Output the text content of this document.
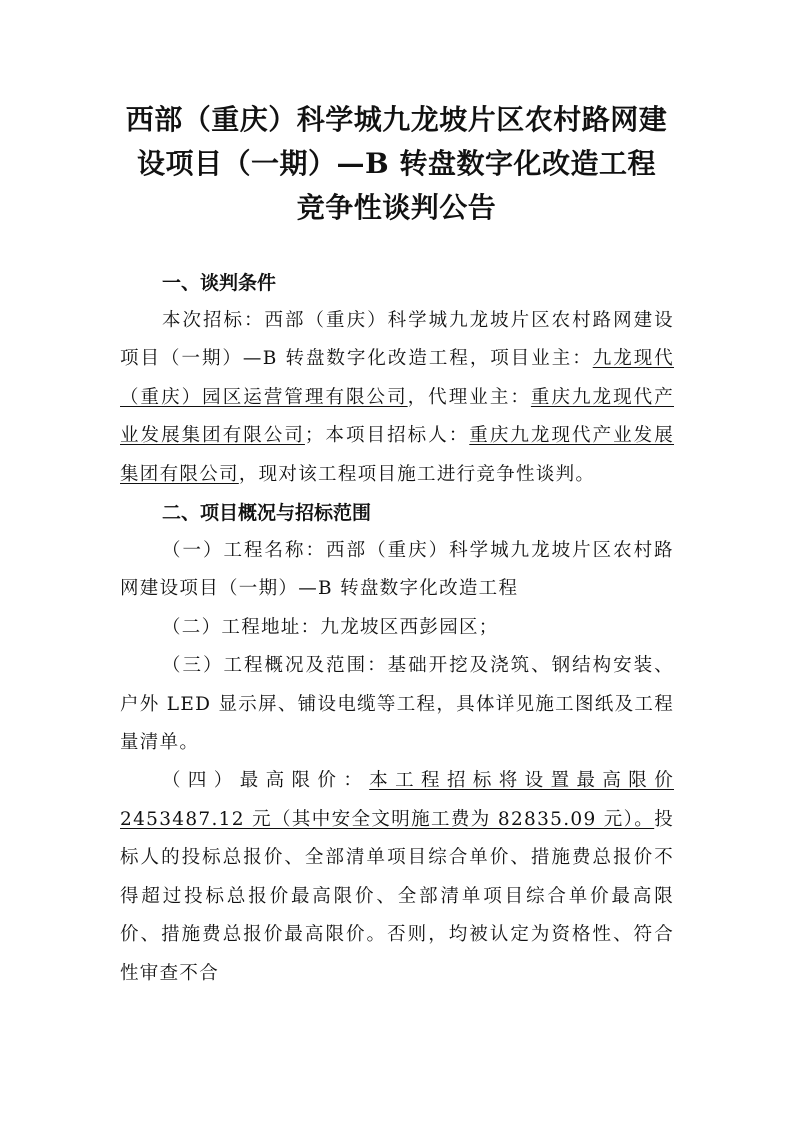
西部（重庆）科学城九龙坡片区农村路网建
设项目（一期）—B 转盘数字化改造工程
竞争性谈判公告
一、谈判条件

本次招标：西部（重庆）科学城九龙坡片区农村路网建设项目（一期）—B 转盘数字化改造工程，项目业主：九龙现代（重庆）园区运营管理有限公司，代理业主：重庆九龙现代产业发展集团有限公司；本项目招标人：重庆九龙现代产业发展集团有限公司，现对该工程项目施工进行竞争性谈判。

二、项目概况与招标范围

（一）工程名称：西部（重庆）科学城九龙坡片区农村路网建设项目（一期）—B 转盘数字化改造工程

（二）工程地址：九龙坡区西彭园区；

（三）工程概况及范围：基础开挖及浇筑、钢结构安装、户外 LED 显示屏、铺设电缆等工程，具体详见施工图纸及工程量清单。

（四）最高限价：本工程招标将设置最高限价 2453487.12 元（其中安全文明施工费为 82835.09 元）。投标人的投标总报价、全部清单项目综合单价、措施费总报价不得超过投标总报价最高限价、全部清单项目综合单价最高限价、措施费总报价最高限价。否则，均被认定为资格性、符合性审查不合
